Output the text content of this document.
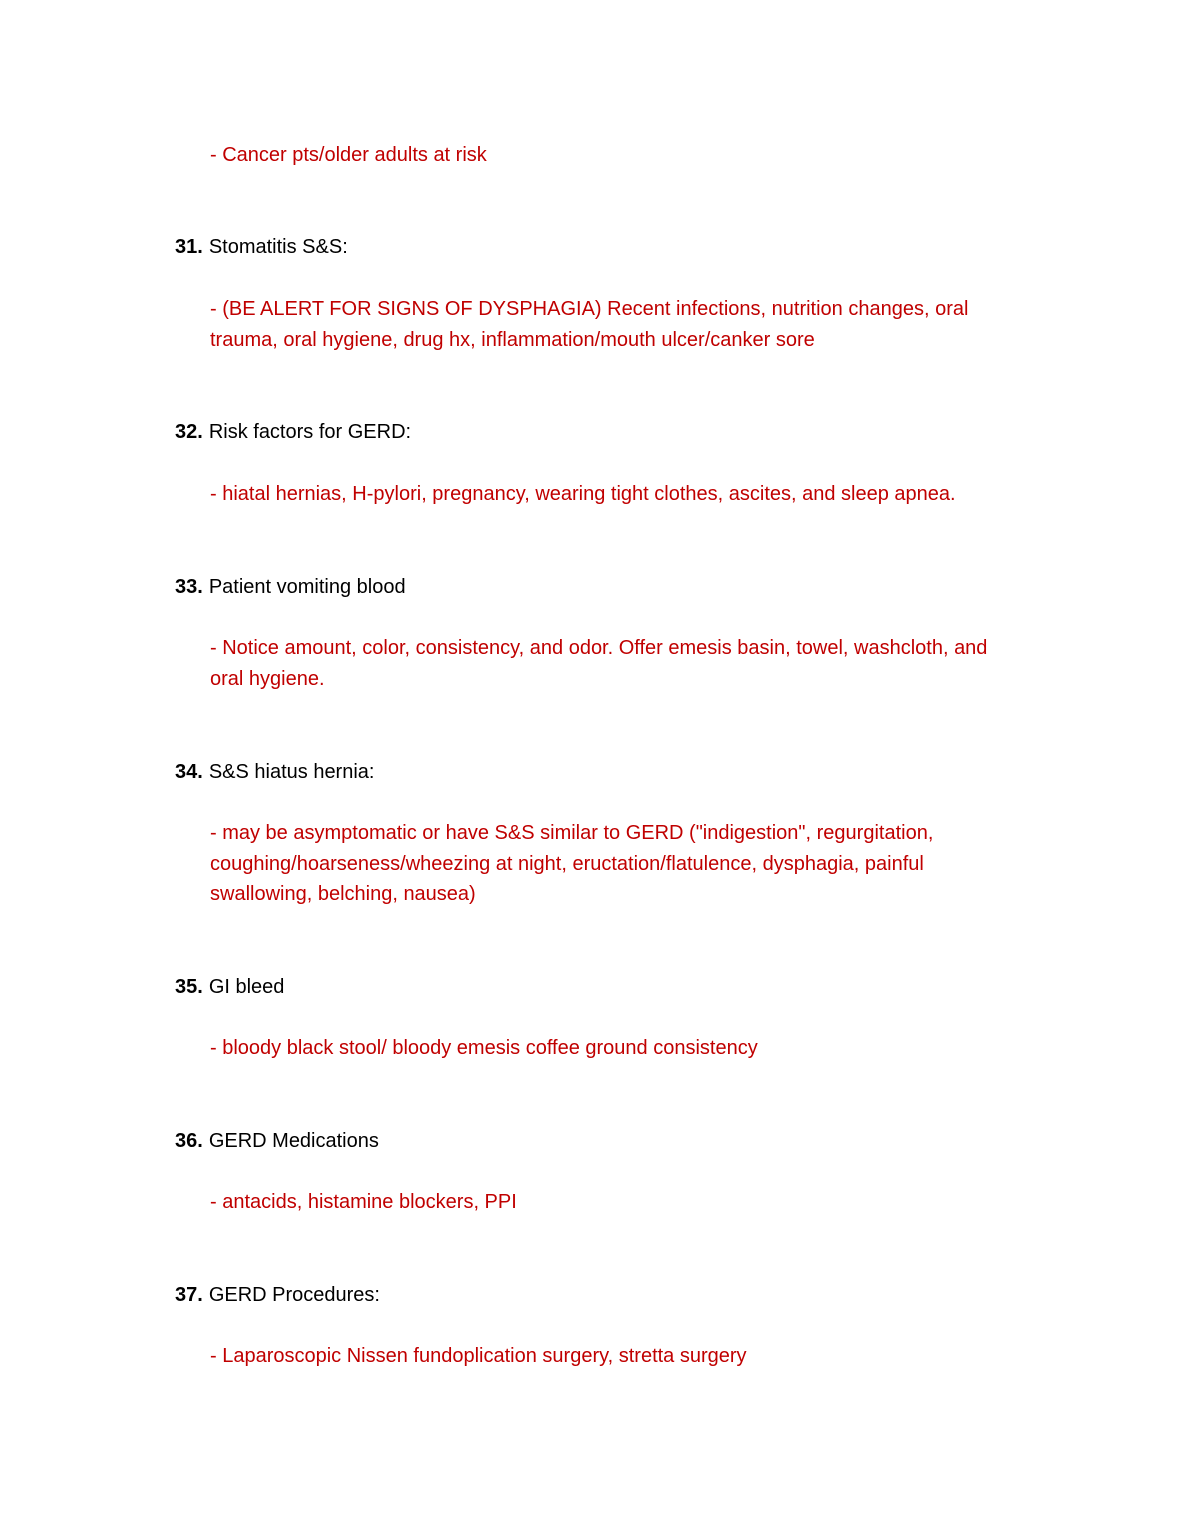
- Cancer pts/older adults at risk
31. Stomatitis S&S:
- (BE ALERT FOR SIGNS OF DYSPHAGIA) Recent infections, nutrition changes, oral
trauma, oral hygiene, drug hx, inflammation/mouth ulcer/canker sore
32. Risk factors for GERD:
- hiatal hernias, H-pylori, pregnancy, wearing tight clothes, ascites, and sleep apnea.
33. Patient vomiting blood
- Notice amount, color, consistency, and odor. Offer emesis basin, towel, washcloth, and
oral hygiene.
34. S&S hiatus hernia:
- may be asymptomatic or have S&S similar to GERD ("indigestion", regurgitation,
coughing/hoarseness/wheezing at night, eructation/flatulence, dysphagia, painful
swallowing, belching, nausea)
35. GI bleed
- bloody black stool/ bloody emesis coffee ground consistency
36. GERD Medications
- antacids, histamine blockers, PPI
37. GERD Procedures:
- Laparoscopic Nissen fundoplication surgery, stretta surgery
